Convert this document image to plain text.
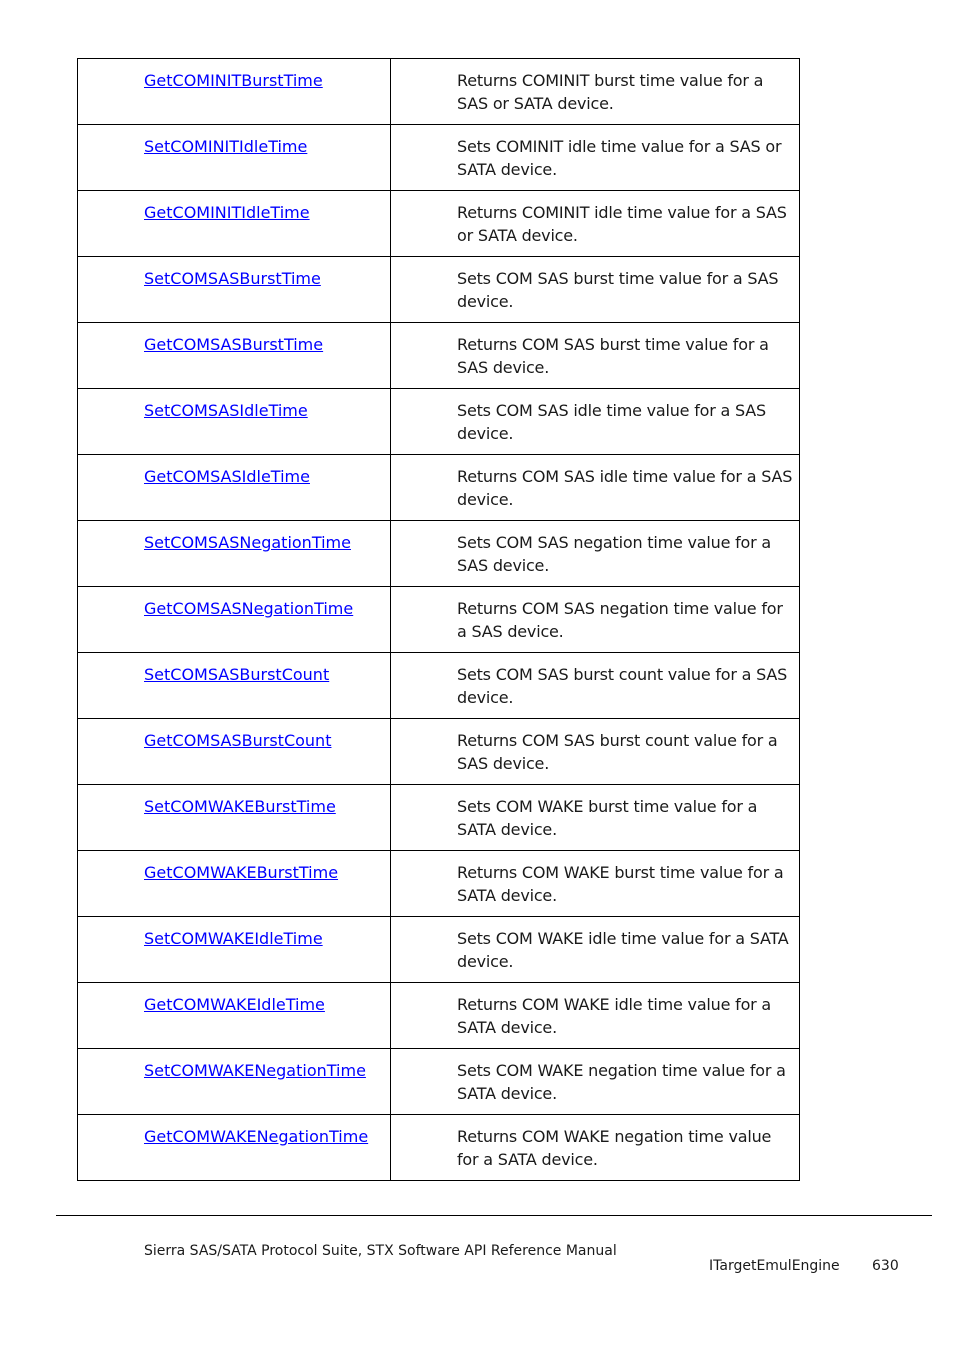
GetCOMINITBurstTime	Returns COMINIT burst time value for a SAS or SATA device.

SetCOMINITIdleTime	Sets COMINIT idle time value for a SAS or SATA device.

GetCOMINITIdleTime	Returns COMINIT idle time value for a SAS or SATA device.

SetCOMSASBurstTime	Sets COM SAS burst time value for a SAS device.

GetCOMSASBurstTime	Returns COM SAS burst time value for a SAS device.

SetCOMSASIdleTime	Sets COM SAS idle time value for a SAS device.

GetCOMSASIdleTime	Returns COM SAS idle time value for a SAS device.

SetCOMSASNegationTime	Sets COM SAS negation time value for a SAS device.

GetCOMSASNegationTime	Returns COM SAS negation time value for a SAS device.

SetCOMSASBurstCount	Sets COM SAS burst count value for a SAS device.

GetCOMSASBurstCount	Returns COM SAS burst count value for a SAS device.

SetCOMWAKEBurstTime	Sets COM WAKE burst time value for a SATA device.

GetCOMWAKEBurstTime	Returns COM WAKE burst time value for a SATA device.

SetCOMWAKEIdleTime	Sets COM WAKE idle time value for a SATA device.

GetCOMWAKEIdleTime	Returns COM WAKE idle time value for a SATA device.

SetCOMWAKENegationTime	Sets COM WAKE negation time value for a SATA device.

GetCOMWAKENegationTime	Returns COM WAKE negation time value for a SATA device.
Sierra SAS/SATA Protocol Suite, STX Software API Reference Manual
ITargetEmulEngine 630
